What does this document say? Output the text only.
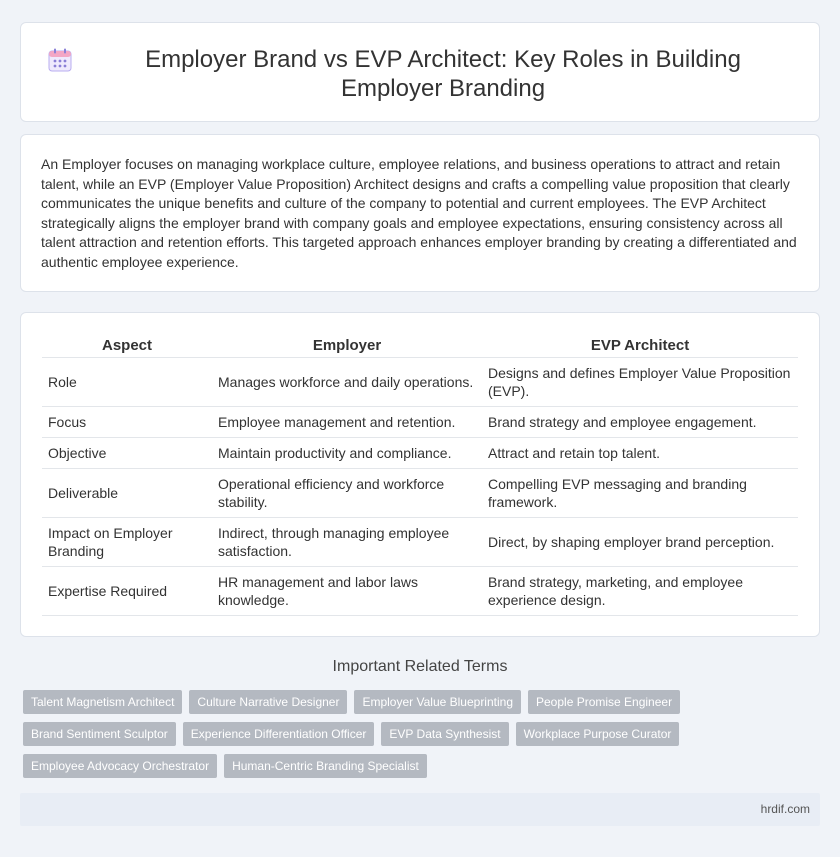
Employer Brand vs EVP Architect: Key Roles in Building Employer Branding

An Employer focuses on managing workplace culture, employee relations, and business operations to attract and retain talent, while an EVP (Employer Value Proposition) Architect designs and crafts a compelling value proposition that clearly communicates the unique benefits and culture of the company to potential and current employees. The EVP Architect strategically aligns the employer brand with company goals and employee expectations, ensuring consistency across all talent attraction and retention efforts. This targeted approach enhances employer branding by creating a differentiated and authentic employee experience.

Aspect	Employer	EVP Architect
Role	Manages workforce and daily operations.	Designs and defines Employer Value Proposition (EVP).
Focus	Employee management and retention.	Brand strategy and employee engagement.
Objective	Maintain productivity and compliance.	Attract and retain top talent.
Deliverable	Operational efficiency and workforce stability.	Compelling EVP messaging and branding framework.
Impact on Employer Branding	Indirect, through managing employee satisfaction.	Direct, by shaping employer brand perception.
Expertise Required	HR management and labor laws knowledge.	Brand strategy, marketing, and employee experience design.
Important Related Terms
Talent Magnetism Architect	Culture Narrative Designer	Employer Value Blueprinting	People Promise Engineer
Brand Sentiment Sculptor	Experience Differentiation Officer	EVP Data Synthesist	Workplace Purpose Curator
Employee Advocacy Orchestrator	Human-Centric Branding Specialist
hrdif.com
